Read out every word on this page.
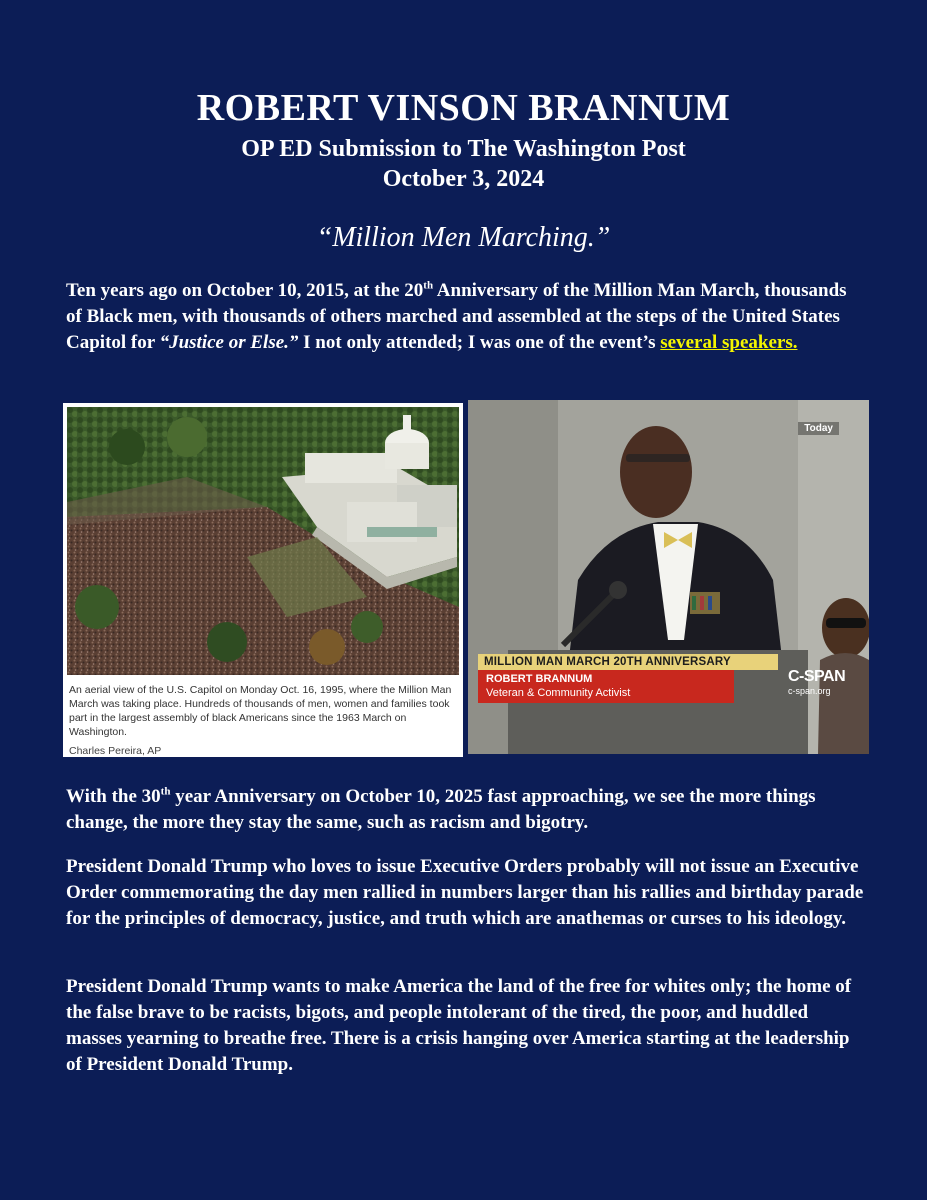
ROBERT VINSON BRANNUM
OP ED Submission to The Washington Post
October 3, 2024
“Million Men Marching.”

Ten years ago on October 10, 2015, at the 20th Anniversary of the Million Man March, thousands of Black men, with thousands of others marched and assembled at the steps of the United States Capitol for “Justice or Else.” I not only attended; I was one of the event’s several speakers.

An aerial view of the U.S. Capitol on Monday Oct. 16, 1995, where the Million Man March was taking place. Hundreds of thousands of men, women and families took part in the largest assembly of black Americans since the 1963 March on Washington.
Charles Pereira, AP
Today
MILLION MAN MARCH 20TH ANNIVERSARY
ROBERT BRANNUM
Veteran & Community Activist
C-SPAN
c-span.org

With the 30th year Anniversary on October 10, 2025 fast approaching, we see the more things change, the more they stay the same, such as racism and bigotry.

President Donald Trump who loves to issue Executive Orders probably will not issue an Executive Order commemorating the day men rallied in numbers larger than his rallies and birthday parade for the principles of democracy, justice, and truth which are anathemas or curses to his ideology.

President Donald Trump wants to make America the land of the free for whites only; the home of the false brave to be racists, bigots, and people intolerant of the tired, the poor, and huddled masses yearning to breathe free. There is a crisis hanging over America starting at the leadership of President Donald Trump.
